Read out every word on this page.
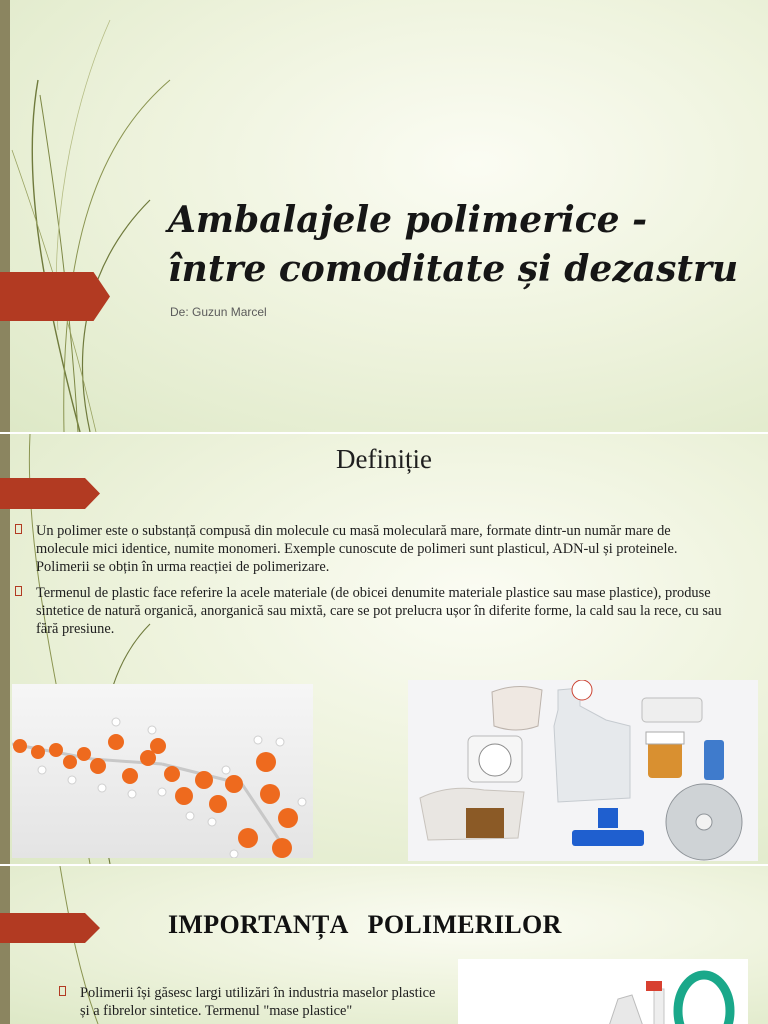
Ambalajele polimerice -
între comoditate și dezastru
De: Guzun Marcel
Definiție

Un polimer este o substanță compusă din molecule cu masă moleculară mare, formate dintr-un număr mare de molecule mici identice, numite monomeri. Exemple cunoscute de polimeri sunt plasticul, ADN-ul și proteinele. Polimerii se obțin în urma reacției de polimerizare.

Termenul de plastic face referire la acele materiale (de obicei denumite materiale plastice sau mase plastice), produse sintetice de natură organică, anorganică sau mixtă, care se pot prelucra ușor în diferite forme, la cald sau la rece, cu sau fără presiune.

IMPORTANȚA   POLIMERILOR

Polimerii își găsesc largi utilizări în industria maselor plastice și a fibrelor sintetice. Termenul "mase plastice"
